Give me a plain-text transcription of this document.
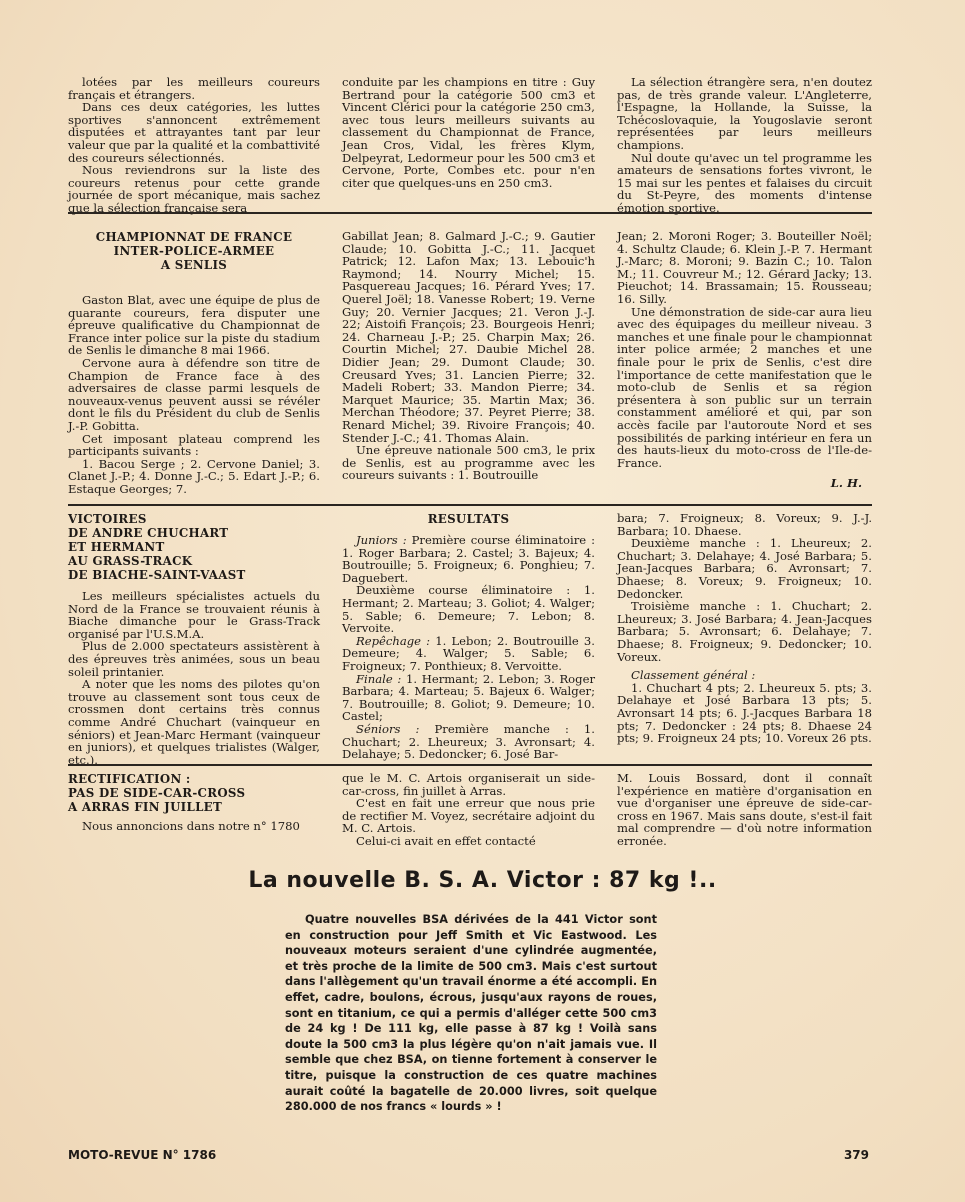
lotées par les meilleurs coureurs français et étrangers.

Dans ces deux catégories, les luttes sportives s'annoncent extrêmement disputées et attrayantes tant par leur valeur que par la qualité et la combattivité des coureurs sélectionnés.

Nous reviendrons sur la liste des coureurs retenus pour cette grande journée de sport mécanique, mais sachez que la sélection française sera

conduite par les champions en titre : Guy Bertrand pour la catégorie 500 cm3 et Vincent Clérici pour la catégorie 250 cm3, avec tous leurs meilleurs suivants au classement du Championnat de France, Jean Cros, Vidal, les frères Klym, Delpeyrat, Ledormeur pour les 500 cm3 et Cervone, Porte, Combes etc. pour n'en citer que quelques-uns en 250 cm3.

La sélection étrangère sera, n'en doutez pas, de très grande valeur. L'Angleterre, l'Espagne, la Hollande, la Suisse, la Tchécoslovaquie, la Yougoslavie seront représentées par leurs meilleurs champions.

Nul doute qu'avec un tel programme les amateurs de sensations fortes vivront, le 15 mai sur les pentes et falaises du circuit du St-Peyre, des moments d'intense émotion sportive.

CHAMPIONNAT DE FRANCE
INTER-POLICE-ARMEE
A SENLIS

Gaston Blat, avec une équipe de plus de quarante coureurs, fera disputer une épreuve qualificative du Championnat de France inter police sur la piste du stadium de Senlis le dimanche 8 mai 1966.

Cervone aura à défendre son titre de Champion de France face à des adversaires de classe parmi lesquels de nouveaux-venus peuvent aussi se révéler dont le fils du Président du club de Senlis J.-P. Gobitta.

Cet imposant plateau comprend les participants suivants :

1. Bacou Serge ; 2. Cervone Daniel; 3. Clanet J.-P.; 4. Donne J.-C.; 5. Edart J.-P.; 6. Estaque Georges; 7.

Gabillat Jean; 8. Galmard J.-C.; 9. Gautier Claude; 10. Gobitta J.-C.; 11. Jacquet Patrick; 12. Lafon Max; 13. Lebouic'h Raymond; 14. Nourry Michel; 15. Pasquereau Jacques; 16. Pérard Yves; 17. Querel Joël; 18. Vanesse Robert; 19. Verne Guy; 20. Vernier Jacques; 21. Veron J.-J. 22; Aistoifi François; 23. Bourgeois Henri; 24. Charneau J.-P.; 25. Charpin Max; 26. Courtin Michel; 27. Daubie Michel 28. Didier Jean; 29. Dumont Claude; 30. Creusard Yves; 31. Lancien Pierre; 32. Madeli Robert; 33. Mandon Pierre; 34. Marquet Maurice; 35. Martin Max; 36. Merchan Théodore; 37. Peyret Pierre; 38. Renard Michel; 39. Rivoire François; 40. Stender J.-C.; 41. Thomas Alain.

Une épreuve nationale 500 cm3, le prix de Senlis, est au programme avec les coureurs suivants : 1. Boutrouille

Jean; 2. Moroni Roger; 3. Bouteiller Noël; 4. Schultz Claude; 6. Klein J.-P. 7. Hermant J.-Marc; 8. Moroni; 9. Bazin C.; 10. Talon M.; 11. Couvreur M.; 12. Gérard Jacky; 13. Pieuchot; 14. Brassamain; 15. Rousseau; 16. Silly.

Une démonstration de side-car aura lieu avec des équipages du meilleur niveau. 3 manches et une finale pour le championnat inter police armée; 2 manches et une finale pour le prix de Senlis, c'est dire l'importance de cette manifestation que le moto-club de Senlis et sa région présentera à son public sur un terrain constamment amélioré et qui, par son accès facile par l'autoroute Nord et ses possibilités de parking intérieur en fera un des hauts-lieux du moto-cross de l'Ile-de-France.

L. H.
VICTOIRES
DE ANDRE CHUCHART
ET HERMANT
AU GRASS-TRACK
DE BIACHE-SAINT-VAAST

Les meilleurs spécialistes actuels du Nord de la France se trouvaient réunis à Biache dimanche pour le Grass-Track organisé par l'U.S.M.A.

Plus de 2.000 spectateurs assistèrent à des épreuves très animées, sous un beau soleil printanier.

A noter que les noms des pilotes qu'on trouve au classement sont tous ceux de crossmen dont certains très connus comme André Chuchart (vainqueur en séniors) et Jean-Marc Hermant (vainqueur en juniors), et quelques trialistes (Walger, etc.).

RESULTATS

Juniors : Première course éliminatoire : 1. Roger Barbara; 2. Castel; 3. Bajeux; 4. Boutrouille; 5. Froigneux; 6. Ponghieu; 7. Daguebert.

Deuxième course éliminatoire : 1. Hermant; 2. Marteau; 3. Goliot; 4. Walger; 5. Sable; 6. Demeure; 7. Lebon; 8. Vervoite.

Repêchage : 1. Lebon; 2. Boutrouille 3. Demeure; 4. Walger; 5. Sable; 6. Froigneux; 7. Ponthieux; 8. Vervoitte.

Finale : 1. Hermant; 2. Lebon; 3. Roger Barbara; 4. Marteau; 5. Bajeux 6. Walger; 7. Boutrouille; 8. Goliot; 9. Demeure; 10. Castel;

Séniors : Première manche : 1. Chuchart; 2. Lheureux; 3. Avronsart; 4. Delahaye; 5. Dedoncker; 6. José Bar-

bara; 7. Froigneux; 8. Voreux; 9. J.-J. Barbara; 10. Dhaese.

Deuxième manche : 1. Lheureux; 2. Chuchart; 3. Delahaye; 4. José Barbara; 5. Jean-Jacques Barbara; 6. Avronsart; 7. Dhaese; 8. Voreux; 9. Froigneux; 10. Dedoncker.

Troisième manche : 1. Chuchart; 2. Lheureux; 3. José Barbara; 4. Jean-Jacques Barbara; 5. Avronsart; 6. Delahaye; 7. Dhaese; 8. Froigneux; 9. Dedoncker; 10. Voreux.

Classement général :

1. Chuchart 4 pts; 2. Lheureux 5. pts; 3. Delahaye et José Barbara 13 pts; 5. Avronsart 14 pts; 6. J.-Jacques Barbara 18 pts; 7. Dedoncker : 24 pts; 8. Dhaese 24 pts; 9. Froigneux 24 pts; 10. Voreux 26 pts.

RECTIFICATION :
PAS DE SIDE-CAR-CROSS
A ARRAS FIN JUILLET

Nous annoncions dans notre n° 1780

que le M. C. Artois organiserait un side-car-cross, fin juillet à Arras.

C'est en fait une erreur que nous prie de rectifier M. Voyez, secrétaire adjoint du M. C. Artois.

Celui-ci avait en effet contacté

M. Louis Bossard, dont il connaît l'expérience en matière d'organisation en vue d'organiser une épreuve de side-car-cross en 1967. Mais sans doute, s'est-il fait mal comprendre — d'où notre information erronée.

La nouvelle B. S. A. Victor : 87 kg !..
Quatre nouvelles BSA dérivées de la 441 Victor sont en construction pour Jeff Smith et Vic Eastwood. Les nouveaux moteurs seraient d'une cylindrée augmentée, et très proche de la limite de 500 cm3. Mais c'est surtout dans l'allègement qu'un travail énorme a été accompli. En effet, cadre, boulons, écrous, jusqu'aux rayons de roues, sont en titanium, ce qui a permis d'alléger cette 500 cm3 de 24 kg ! De 111 kg, elle passe à 87 kg ! Voilà sans doute la 500 cm3 la plus légère qu'on n'ait jamais vue. Il semble que chez BSA, on tienne fortement à conserver le titre, puisque la construction de ces quatre machines aurait coûté la bagatelle de 20.000 livres, soit quelque 280.000 de nos francs « lourds » !
MOTO-REVUE N° 1786	379
